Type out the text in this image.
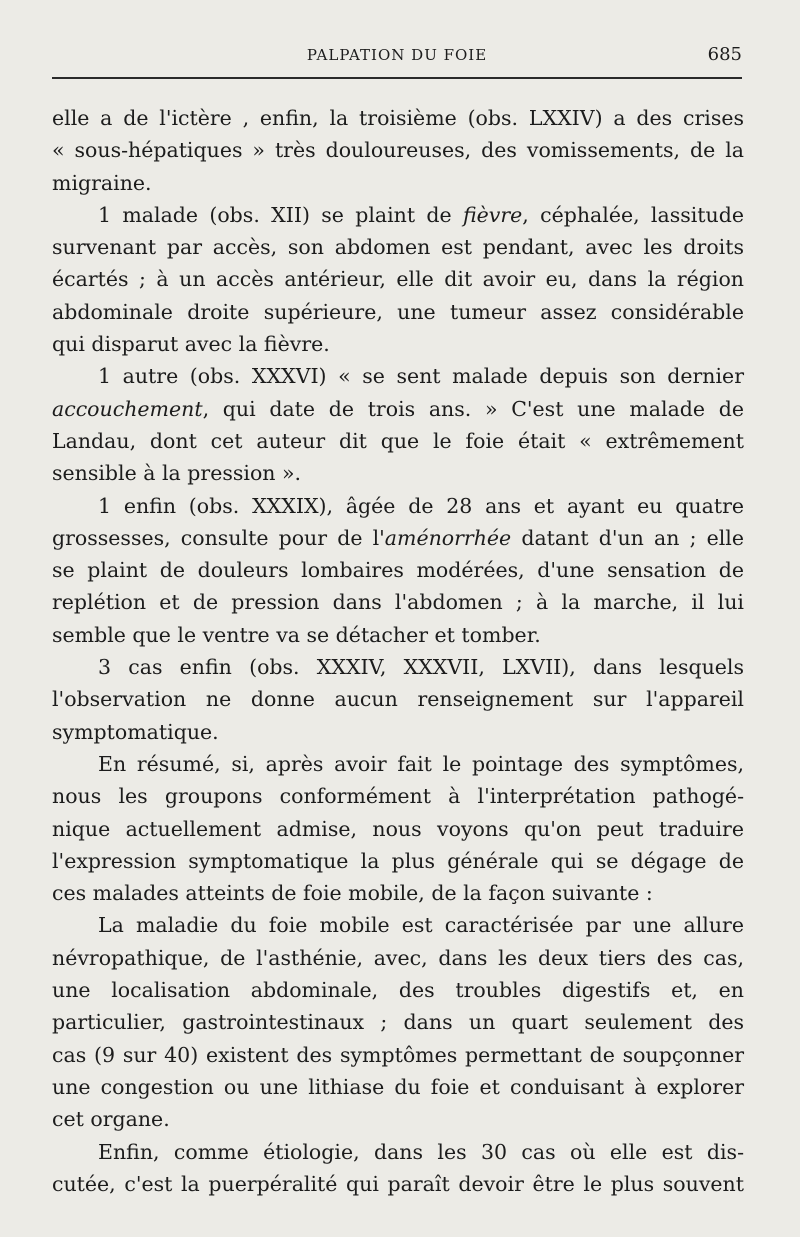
PALPATION DU FOIE	685
elle a de l'ictère , enfin, la troisième (obs. LXXIV) a des crises
« sous-hépatiques » très douloureuses, des vomissements, de la
migraine.
1 malade (obs. XII) se plaint de fièvre, céphalée, lassitude
survenant par accès, son abdomen est pendant, avec les droits
écartés ; à un accès antérieur, elle dit avoir eu, dans la région
abdominale droite supérieure, une tumeur assez considérable
qui disparut avec la fièvre.
1 autre (obs. XXXVI) « se sent malade depuis son dernier
accouchement, qui date de trois ans. » C'est une malade de
Landau, dont cet auteur dit que le foie était « extrêmement
sensible à la pression ».
1 enfin (obs. XXXIX), âgée de 28 ans et ayant eu quatre
grossesses, consulte pour de l'aménorrhée datant d'un an ; elle
se plaint de douleurs lombaires modérées, d'une sensation de
replétion et de pression dans l'abdomen ; à la marche, il lui
semble que le ventre va se détacher et tomber.
3 cas enfin (obs. XXXIV, XXXVII, LXVII), dans lesquels
l'observation ne donne aucun renseignement sur l'appareil
symptomatique.
En résumé, si, après avoir fait le pointage des symptômes,
nous les groupons conformément à l'interprétation pathogé-
nique actuellement admise, nous voyons qu'on peut traduire
l'expression symptomatique la plus générale qui se dégage de
ces malades atteints de foie mobile, de la façon suivante :
La maladie du foie mobile est caractérisée par une allure
névropathique, de l'asthénie, avec, dans les deux tiers des cas,
une localisation abdominale, des troubles digestifs et, en
particulier, gastrointestinaux ; dans un quart seulement des
cas (9 sur 40) existent des symptômes permettant de soupçonner
une congestion ou une lithiase du foie et conduisant à explorer
cet organe.
Enfin, comme étiologie, dans les 30 cas où elle est dis-
cutée, c'est la puerpéralité qui paraît devoir être le plus souvent
